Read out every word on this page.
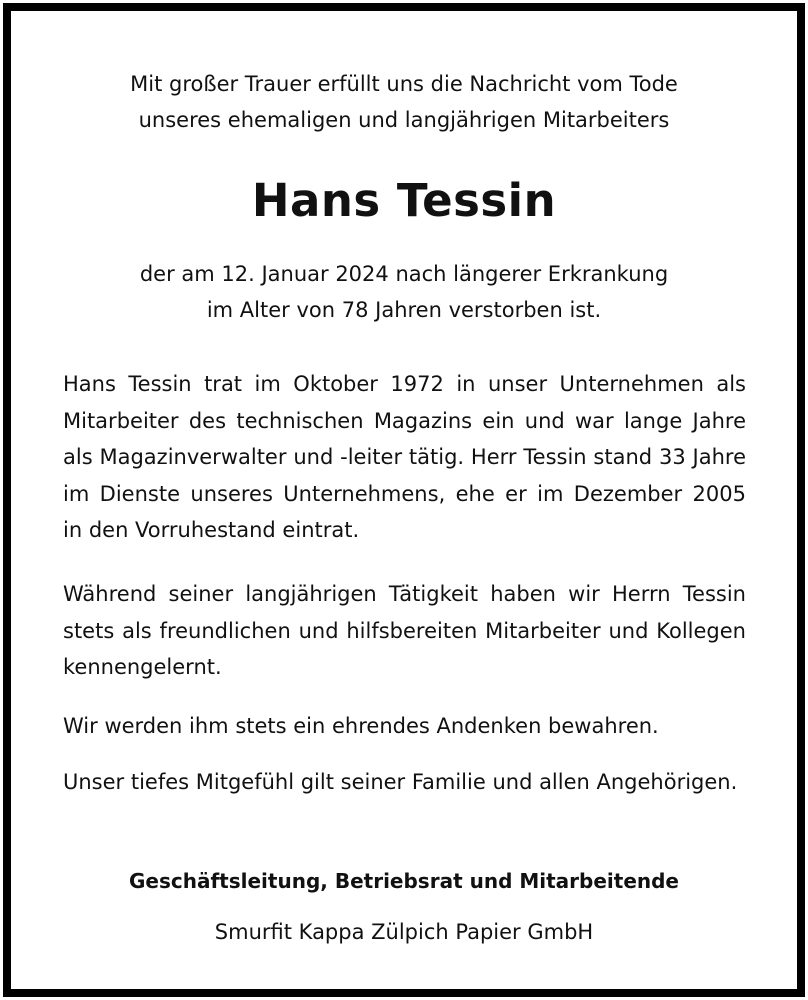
Mit großer Trauer erfüllt uns die Nachricht vom Tode
unseres ehemaligen und langjährigen Mitarbeiters
Hans Tessin
der am 12. Januar 2024 nach längerer Erkrankung
im Alter von 78 Jahren verstorben ist.
Hans Tessin trat im Oktober 1972 in unser Unternehmen als
Mitarbeiter des technischen Magazins ein und war lange Jahre
als Magazinverwalter und -leiter tätig. Herr Tessin stand 33 Jahre
im Dienste unseres Unternehmens, ehe er im Dezember 2005
in den Vorruhestand eintrat.
Während seiner langjährigen Tätigkeit haben wir Herrn Tessin
stets als freundlichen und hilfsbereiten Mitarbeiter und Kollegen
kennengelernt.
Wir werden ihm stets ein ehrendes Andenken bewahren.
Unser tiefes Mitgefühl gilt seiner Familie und allen Angehörigen.
Geschäftsleitung, Betriebsrat und Mitarbeitende
Smurfit Kappa Zülpich Papier GmbH
